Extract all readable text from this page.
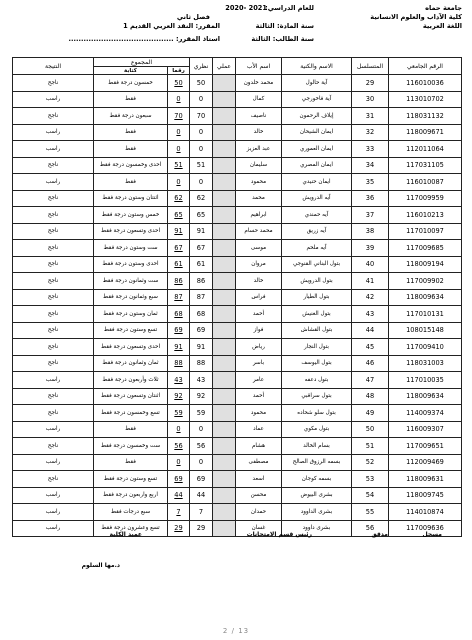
جامعة حماه
كلية الآداب والعلوم الانسانية
اللغة العربية
للعام الدراسي:
2020- 2021
فصل ثاني
سنة المادة: الثالثة
المقرر: النقد العربي القديم 1
سنة الطالب: الثالثة
استاذ المقرر: ..........................................
الرقم الجامعي	المتسلسل	الاسم والكنية	اسم الأب	عملي	نظري	المجموع		النتيجة
						رقما	كتابة	
116010036	29	آية حالول	محمد خلدون		50	50	خمسون درجة فقط	ناجح
113010702	30	آية فاخورجي	كمال		0	0	فقط	راسب
118031132	31	إيلاف الرحمون	ناصيف		70	70	سبعون درجة فقط	ناجح
118009671	32	ايمان الشيحان	خالد		0	0	فقط	راسب
112011064	33	ايمان العموري	عبد العزيز		0	0	فقط	راسب
117031105	34	ايمان المصري	سليمان		51	51	احدى وخمسون درجة فقط	ناجح
116010087	35	ايمان حنيدي	محمود		0	0	فقط	راسب
117009959	36	آيه الدرويش	محمد		62	62	اثنتان وستون درجة فقط	ناجح
116010213	37	آيه حمندي	ابراهيم		65	65	خمس وستون درجة فقط	ناجح
117010097	38	آيه زريق	محمد حسام		91	91	احدى وتسعون درجة فقط	ناجح
117009685	39	آيه ملحم	موسى		67	67	ست وستون درجة فقط	ناجح
118009194	40	بتول البناني القنوجي	مروان		61	61	احدى وستون درجة فقط	ناجح
117009902	41	بتول الدرويش	خالد		86	86	ست وثمانون درجة فقط	ناجح
118009634	42	بتول الطيار	فراس		87	87	سبع وثمانون درجة فقط	ناجح
117010131	43	بتول الغنيش	أحمد		68	68	ثمان وستون درجة فقط	ناجح
108015148	44	بتول القشاش	فواز		69	69	تسع وستون درجة فقط	ناجح
117009410	45	بتول النجار	رياض		91	91	احدى وتسعون درجة فقط	ناجح
118031003	46	بتول اليوسف	باسر		88	88	ثمان وثمانون درجة فقط	ناجح
117010035	47	بتول دعفه	عامر		43	43	ثلاث وأربعون درجة فقط	راسب
118009634	48	بتول سراقبي	أحمد		92	92	اثنتان وتسعون درجة فقط	ناجح
114009374	49	بتول سلو شحاده	محمود		59	59	تسع وخمسون درجة فقط	ناجح
116009307	50	بتول مكوي	عماد		0	0	فقط	راسب
117009651	51	بسام الخالد	هشام		56	56	ست وخمسون درجة فقط	ناجح
112009469	52	بسمه الرزوق الصالح	مصطفى		0	0	فقط	راسب
118009631	53	بسمه كوجان	اسعد		69	69	تسع وستون درجة فقط	ناجح
118009745	54	بشرى البيوض	محسن		44	44	اربع واربعون درجة فقط	راسب
114010874	55	بشرى الداوود	حمدان		7	7	سبع درجات فقط	راسب
117009636	56	بشرى داوود	غسان		29	29	تسع وعشرون درجة فقط	راسب
مسجل
مدقق
رئيس قسم الامتحانات
عميد الكلية
د.مها السلوم
2 / 13
